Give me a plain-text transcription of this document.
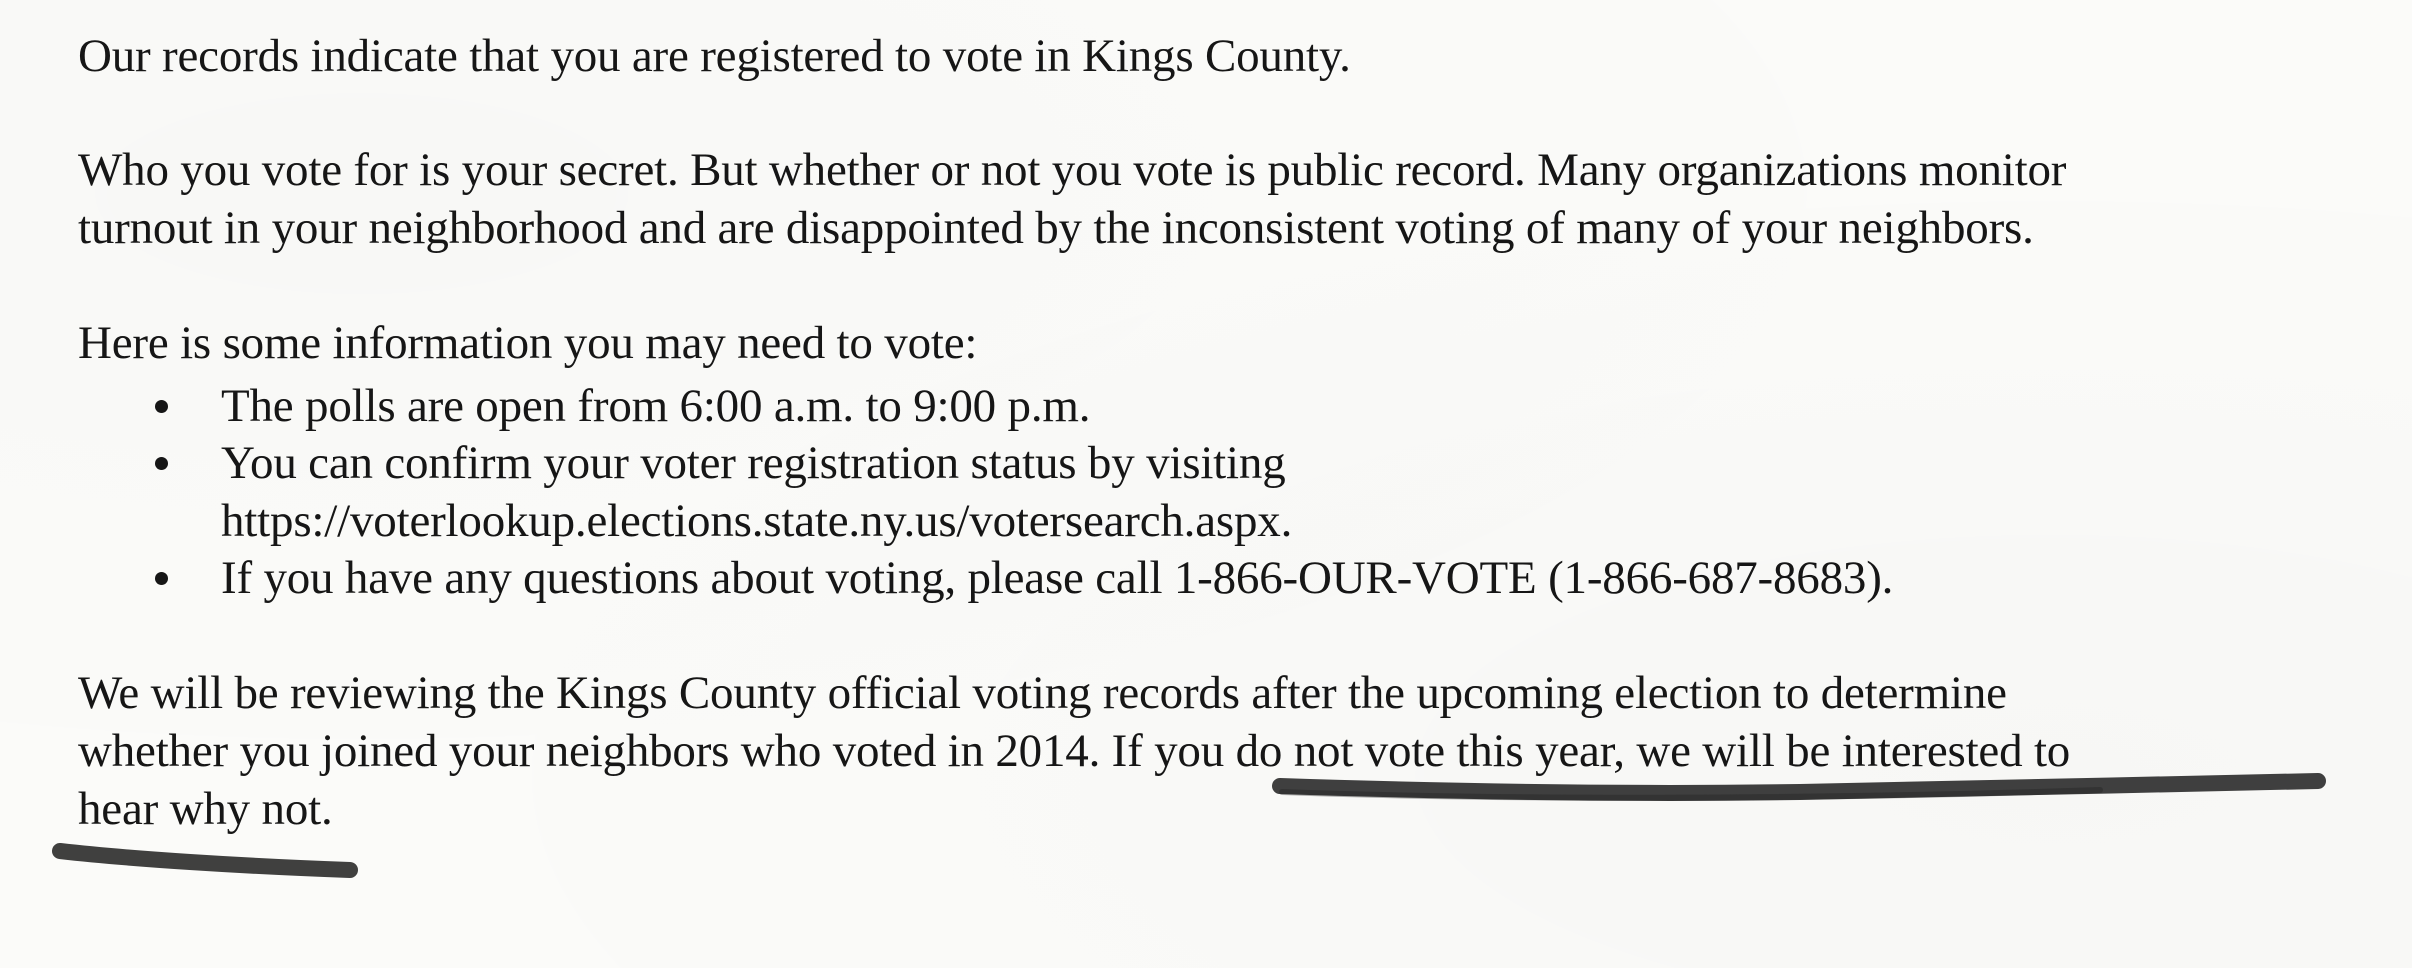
Our records indicate that you are registered to vote in Kings County.
Who you vote for is your secret. But whether or not you vote is public record. Many organizations monitor
turnout in your neighborhood and are disappointed by the inconsistent voting of many of your neighbors.
Here is some information you may need to vote:
The polls are open from 6:00 a.m. to 9:00 p.m.
You can confirm your voter registration status by visiting
https://voterlookup.elections.state.ny.us/votersearch.aspx.
If you have any questions about voting, please call 1-866-OUR-VOTE (1-866-687-8683).
We will be reviewing the Kings County official voting records after the upcoming election to determine
whether you joined your neighbors who voted in 2014. If you do not vote this year, we will be interested to
hear why not.
